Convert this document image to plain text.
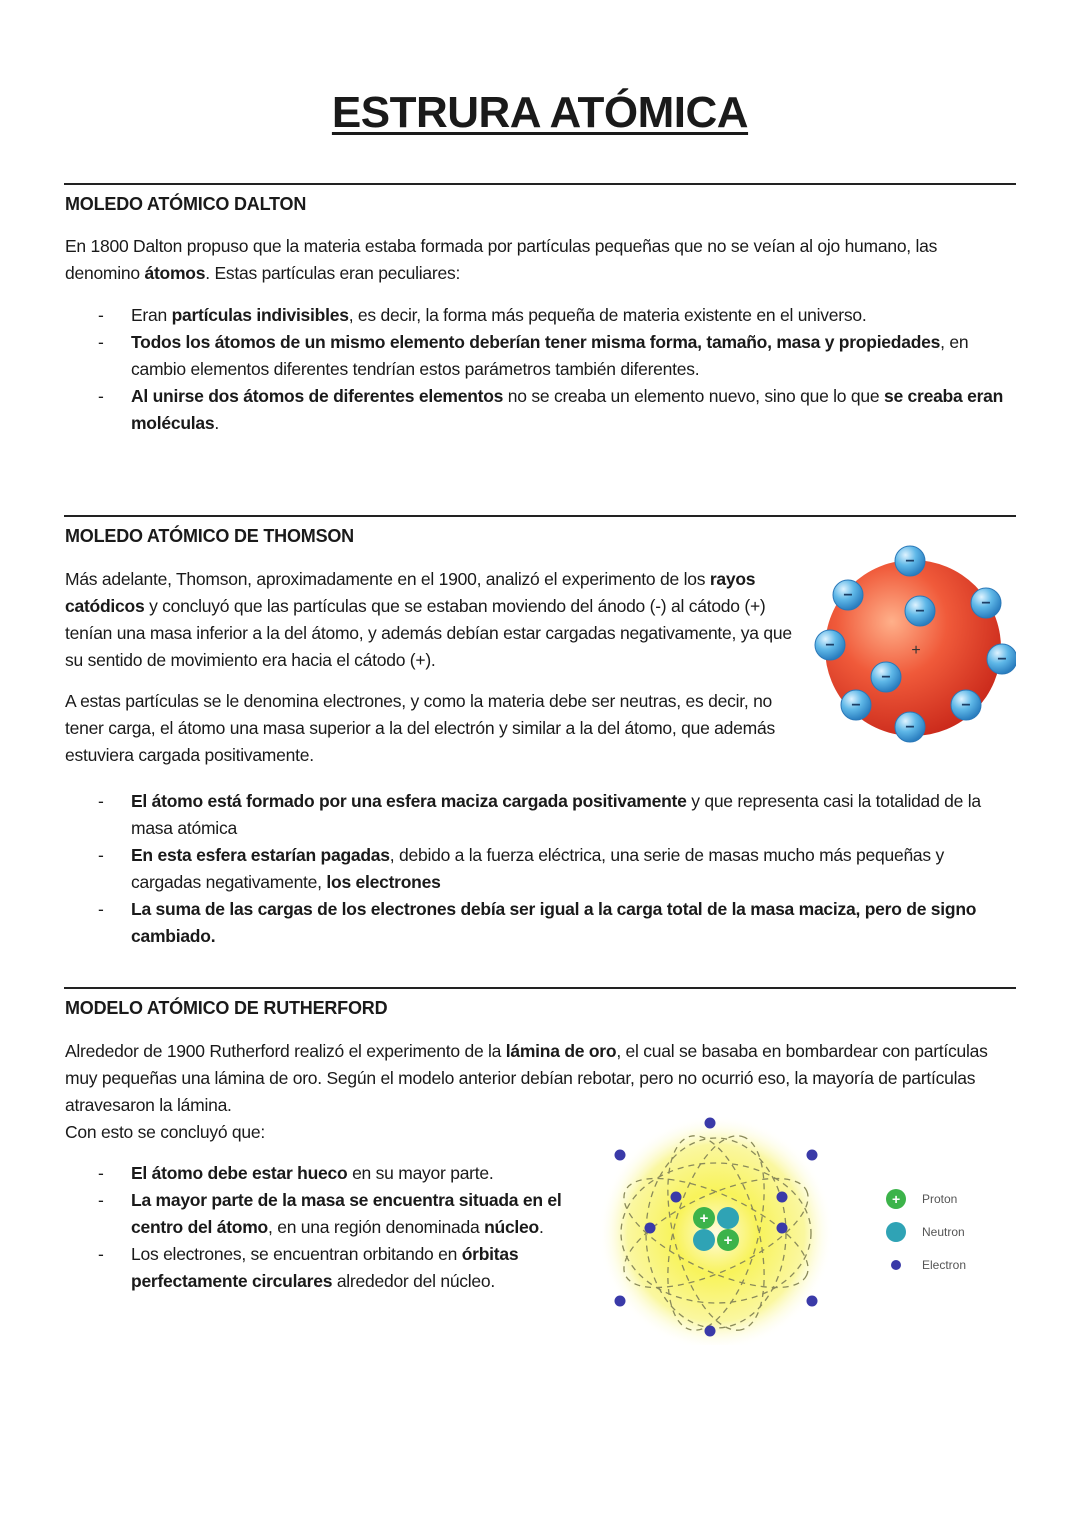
ESTRURA ATÓMICA
MOLEDO ATÓMICO DALTON

En 1800 Dalton propuso que la materia estaba formada por partículas pequeñas que no se veían al ojo humano, las denomino átomos. Estas partículas eran peculiares:

- Eran partículas indivisibles, es decir, la forma más pequeña de materia existente en el universo.
- Todos los átomos de un mismo elemento deberían tener misma forma, tamaño, masa y propiedades, en cambio elementos diferentes tendrían estos parámetros también diferentes.
- Al unirse dos átomos de diferentes elementos no se creaba un elemento nuevo, sino que lo que se creaba eran moléculas.
MOLEDO ATÓMICO DE THOMSON

Más adelante, Thomson, aproximadamente en el 1900, analizó el experimento de los rayos catódicos y concluyó que las partículas que se estaban moviendo del ánodo (-) al cátodo (+) tenían una masa inferior a la del átomo, y además debían estar cargadas negativamente, ya que su sentido de movimiento era hacia el cátodo (+).

A estas partículas se le denomina electrones, y como la materia debe ser neutras, es decir, no tener carga, el átomo una masa superior a la del electrón y similar a la del átomo, que además estuviera cargada positivamente.

- El átomo está formado por una esfera maciza cargada positivamente y que representa casi la totalidad de la masa atómica
- En esta esfera estarían pagadas, debido a la fuerza eléctrica, una serie de masas mucho más pequeñas y cargadas negativamente, los electrones
- La suma de las cargas de los electrones debía ser igual a la carga total de la masa maciza, pero de signo cambiado.
+
−
−
−
−
−
−
−
−
−
−
MODELO ATÓMICO DE RUTHERFORD

Alrededor de 1900 Rutherford realizó el experimento de la lámina de oro, el cual se basaba en bombardear con partículas muy pequeñas una lámina de oro. Según el modelo anterior debían rebotar, pero no ocurrió eso, la mayoría de partículas atravesaron la lámina.

Con esto se concluyó que:

- El átomo debe estar hueco en su mayor parte.
- La mayor parte de la masa se encuentra situada en el centro del átomo, en una región denominada núcleo.
- Los electrones, se encuentran orbitando en órbitas perfectamente circulares alrededor del núcleo.
+
+
+ Proton
Neutron
Electron
